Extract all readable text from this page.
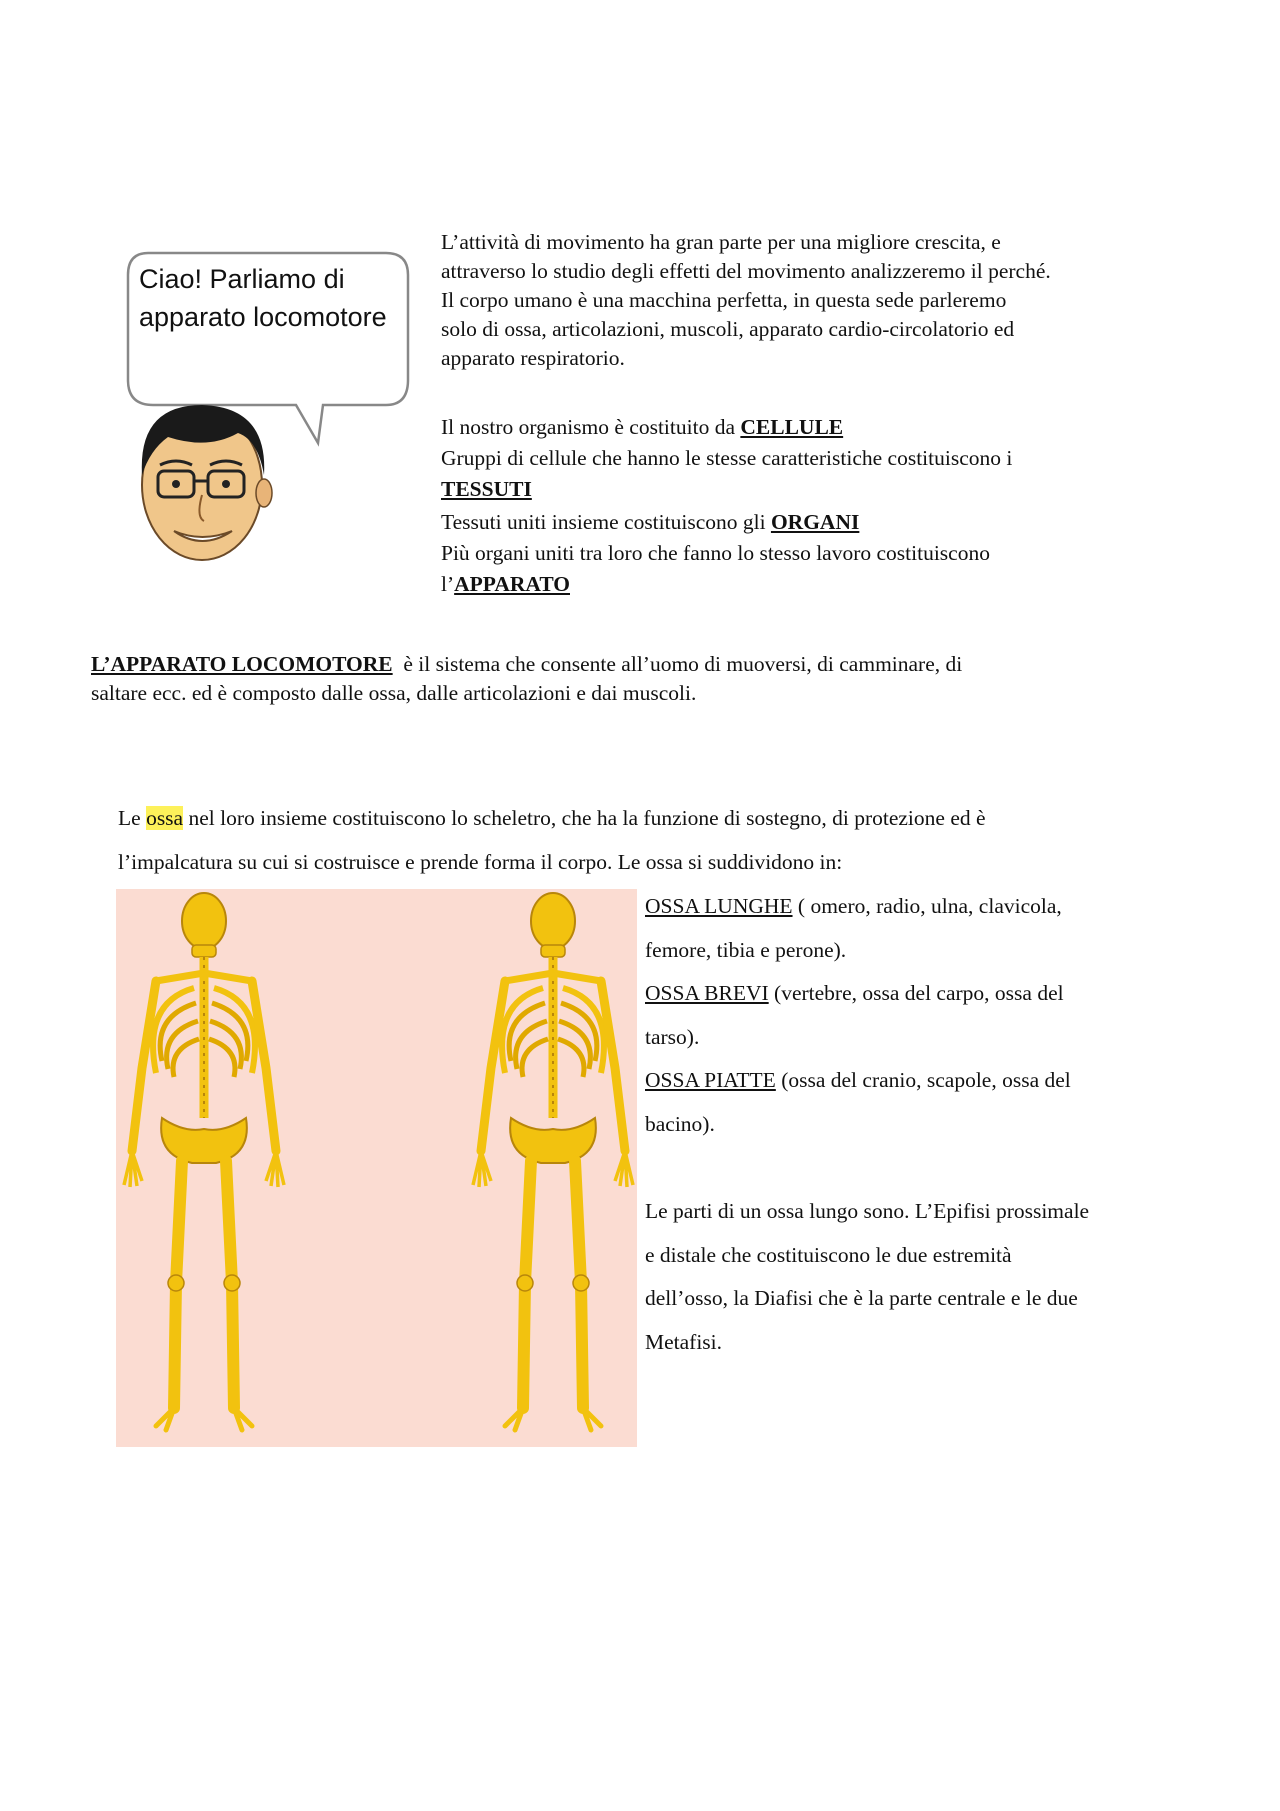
Ciao! Parliamo di
apparato locomotore
L’attività di movimento ha gran parte per una migliore crescita, e
attraverso lo studio degli effetti del movimento analizzeremo il perché.
Il corpo umano è una macchina perfetta, in questa sede parleremo
solo di ossa, articolazioni, muscoli, apparato cardio-circolatorio ed
apparato respiratorio.
Il nostro organismo è costituito da CELLULE
Gruppi di cellule che hanno le stesse caratteristiche costituiscono i
TESSUTI
Tessuti uniti insieme costituiscono gli ORGANI
Più organi uniti tra loro che fanno lo stesso lavoro costituiscono
l’APPARATO
L’APPARATO LOCOMOTORE  è il sistema che consente all’uomo di muoversi, di camminare, di
saltare ecc. ed è composto dalle ossa, dalle articolazioni e dai muscoli.
Le ossa nel loro insieme costituiscono lo scheletro, che ha la funzione di sostegno, di protezione ed è
l’impalcatura su cui si costruisce e prende forma il corpo. Le ossa si suddividono in:
OSSA LUNGHE ( omero, radio, ulna, clavicola,
femore, tibia e perone).
OSSA BREVI (vertebre, ossa del carpo, ossa del
tarso).
OSSA PIATTE (ossa del cranio, scapole, ossa del
bacino).
Le parti di un ossa lungo sono. L’Epifisi prossimale
e distale che costituiscono le due estremità
dell’osso, la Diafisi che è la parte centrale e le due
Metafisi.
